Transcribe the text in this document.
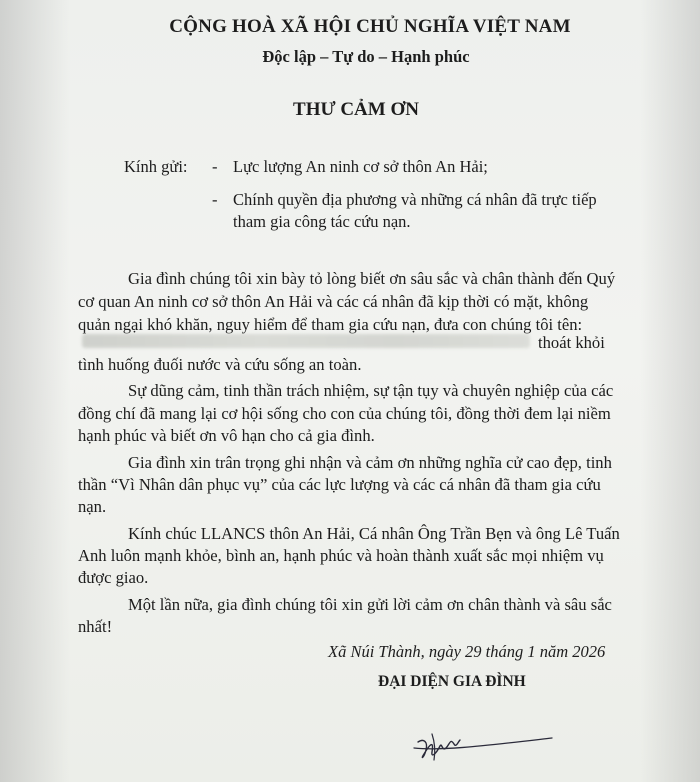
CỘNG HOÀ XÃ HỘI CHỦ NGHĨA VIỆT NAM
Độc lập – Tự do – Hạnh phúc
THƯ CẢM ƠN
Kính gửi: - Lực lượng An ninh cơ sở thôn An Hải;
- Chính quyền địa phương và những cá nhân đã trực tiếp
tham gia công tác cứu nạn.
Gia đình chúng tôi xin bày tỏ lòng biết ơn sâu sắc và chân thành đến Quý
cơ quan An ninh cơ sở thôn An Hải và các cá nhân đã kịp thời có mặt, không
quản ngại khó khăn, nguy hiểm để tham gia cứu nạn, đưa con chúng tôi tên:
thoát khỏi
tình huống đuối nước và cứu sống an toàn.
Sự dũng cảm, tinh thần trách nhiệm, sự tận tụy và chuyên nghiệp của các
đồng chí đã mang lại cơ hội sống cho con của chúng tôi, đồng thời đem lại niềm
hạnh phúc và biết ơn vô hạn cho cả gia đình.
Gia đình xin trân trọng ghi nhận và cảm ơn những nghĩa cử cao đẹp, tinh
thần “Vì Nhân dân phục vụ” của các lực lượng và các cá nhân đã tham gia cứu
nạn.
Kính chúc LLANCS thôn An Hải, Cá nhân Ông Trần Bẹn và ông Lê Tuấn
Anh luôn mạnh khỏe, bình an, hạnh phúc và hoàn thành xuất sắc mọi nhiệm vụ
được giao.
Một lần nữa, gia đình chúng tôi xin gửi lời cảm ơn chân thành và sâu sắc
nhất!
Xã Núi Thành, ngày 29 tháng 1 năm 2026
ĐẠI DIỆN GIA ĐÌNH
